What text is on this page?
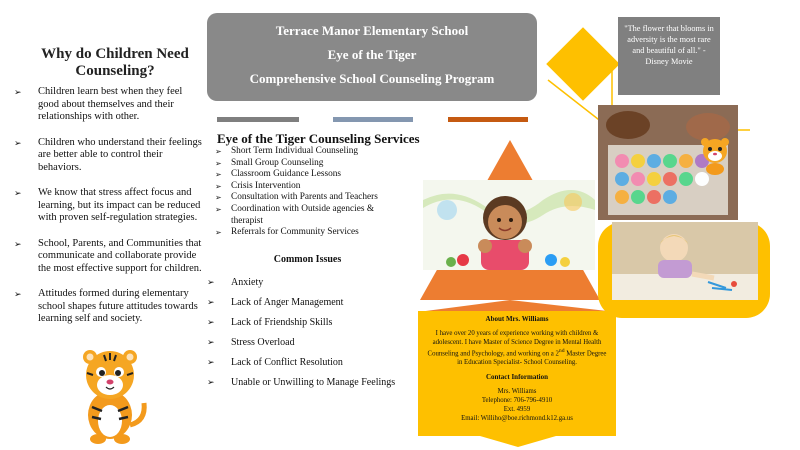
Why do Children Need Counseling?
➢ Children learn best when they feel good about themselves and their relationships with other.
➢ Children who understand their feelings are better able to control their behaviors.
➢ We know that stress affect focus and learning, but its impact can be reduced with proven self-regulation strategies.
➢ School, Parents, and Communities that communicate and collaborate provide the most effective support for children.
➢ Attitudes formed during elementary school shapes future attitudes towards learning self and society.
Terrace Manor Elementary School
Eye of the Tiger
Comprehensive School Counseling Program
Eye of the Tiger Counseling Services
➢ Short Term Individual Counseling
➢ Small Group Counseling
➢ Classroom Guidance Lessons
➢ Crisis Intervention
➢ Consultation with Parents and Teachers
➢ Coordination with Outside agencies & therapist
➢ Referrals for Community Services
Common Issues
➢ Anxiety
➢ Lack of Anger Management
➢ Lack of Friendship Skills
➢ Stress Overload
➢ Lack of Conflict Resolution
➢ Unable or Unwilling to Manage Feelings
"The flower that blooms in adversity is the most rare and beautiful of all." - Disney Movie
About Mrs. Williams
I have over 20 years of experience working with children & adolescent. I have Master of Science Degree in Mental Health Counseling and Psychology, and working on a 2nd Master Degree in Education Specialist- School Counseling.
Contact Information
Mrs. Williams
Telephone: 706-796-4910
Ext. 4959
Email: Williho@boe.richmond.k12.ga.us
